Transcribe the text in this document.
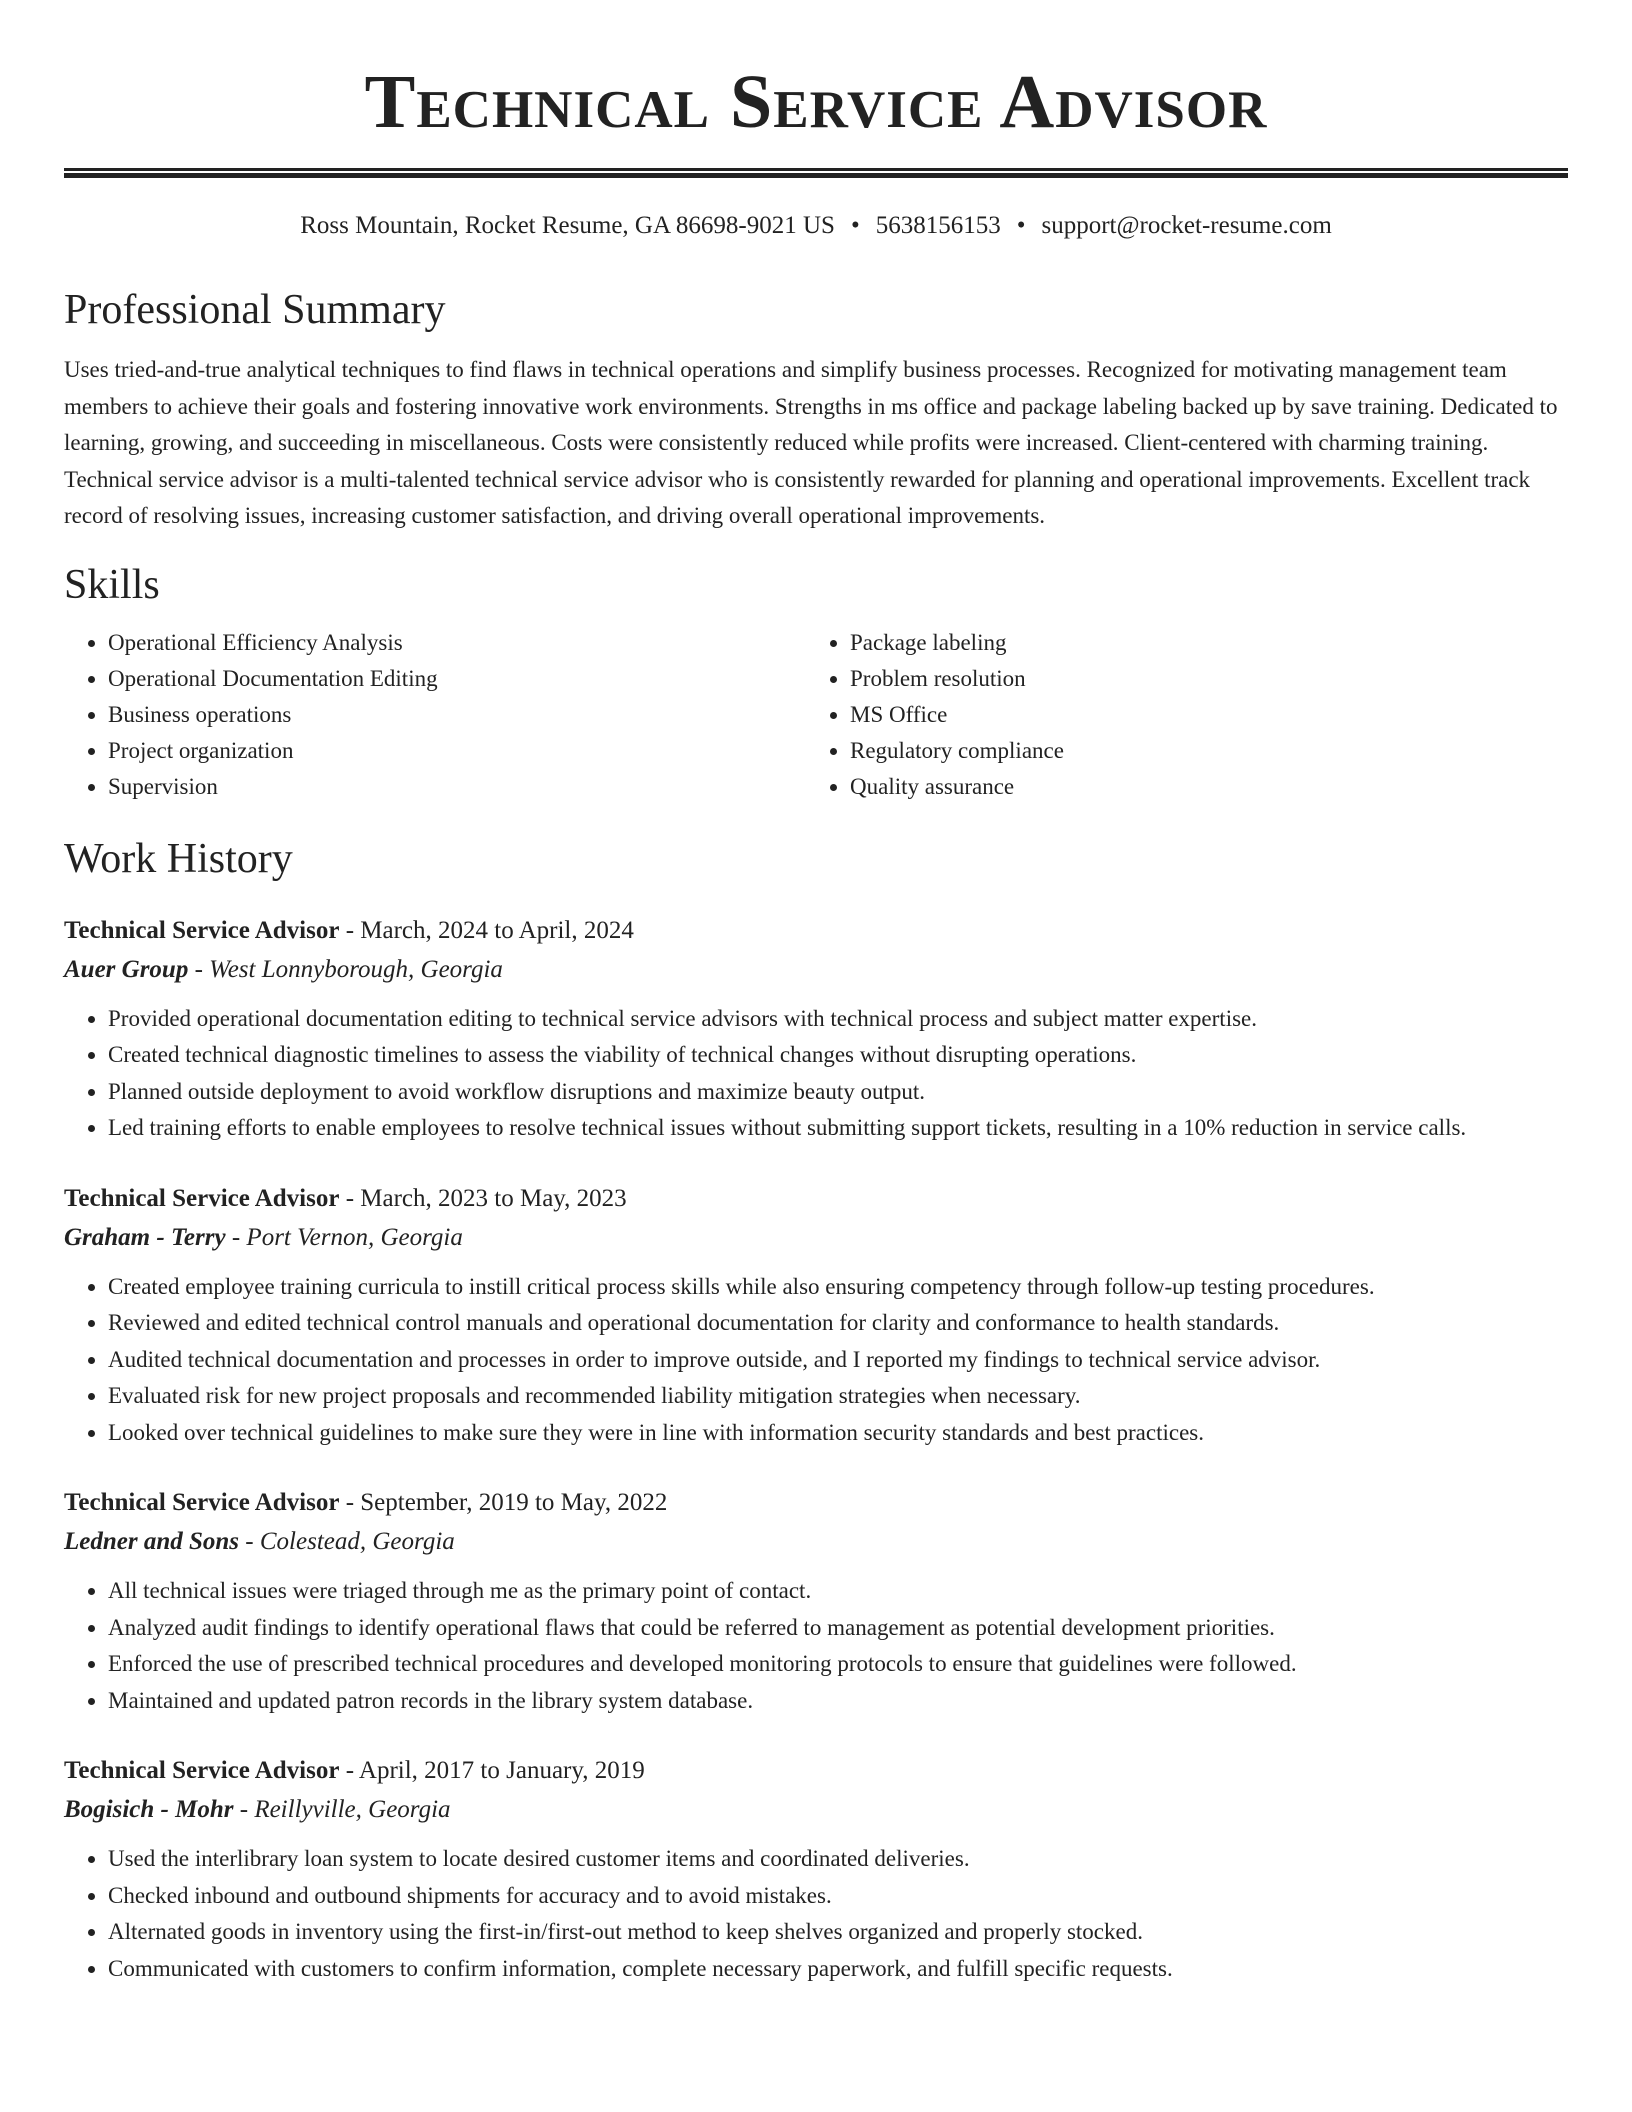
Technical Service Advisor
Ross Mountain, Rocket Resume, GA 86698-9021 US • 5638156153 • support@rocket-resume.com
Professional Summary

Uses tried-and-true analytical techniques to find flaws in technical operations and simplify business processes. Recognized for motivating management team members to achieve their goals and fostering innovative work environments. Strengths in ms office and package labeling backed up by save training. Dedicated to learning, growing, and succeeding in miscellaneous. Costs were consistently reduced while profits were increased. Client-centered with charming training. Technical service advisor is a multi-talented technical service advisor who is consistently rewarded for planning and operational improvements. Excellent track record of resolving issues, increasing customer satisfaction, and driving overall operational improvements.

Skills
• Operational Efficiency Analysis
• Operational Documentation Editing
• Business operations
• Project organization
• Supervision
• Package labeling
• Problem resolution
• MS Office
• Regulatory compliance
• Quality assurance
Work History
Technical Service Advisor - March, 2024 to April, 2024
Auer Group - West Lonnyborough, Georgia
• Provided operational documentation editing to technical service advisors with technical process and subject matter expertise.
• Created technical diagnostic timelines to assess the viability of technical changes without disrupting operations.
• Planned outside deployment to avoid workflow disruptions and maximize beauty output.
• Led training efforts to enable employees to resolve technical issues without submitting support tickets, resulting in a 10% reduction in service calls.
Technical Service Advisor - March, 2023 to May, 2023
Graham - Terry - Port Vernon, Georgia
• Created employee training curricula to instill critical process skills while also ensuring competency through follow-up testing procedures.
• Reviewed and edited technical control manuals and operational documentation for clarity and conformance to health standards.
• Audited technical documentation and processes in order to improve outside, and I reported my findings to technical service advisor.
• Evaluated risk for new project proposals and recommended liability mitigation strategies when necessary.
• Looked over technical guidelines to make sure they were in line with information security standards and best practices.
Technical Service Advisor - September, 2019 to May, 2022
Ledner and Sons - Colestead, Georgia
• All technical issues were triaged through me as the primary point of contact.
• Analyzed audit findings to identify operational flaws that could be referred to management as potential development priorities.
• Enforced the use of prescribed technical procedures and developed monitoring protocols to ensure that guidelines were followed.
• Maintained and updated patron records in the library system database.
Technical Service Advisor - April, 2017 to January, 2019
Bogisich - Mohr - Reillyville, Georgia
• Used the interlibrary loan system to locate desired customer items and coordinated deliveries.
• Checked inbound and outbound shipments for accuracy and to avoid mistakes.
• Alternated goods in inventory using the first-in/first-out method to keep shelves organized and properly stocked.
• Communicated with customers to confirm information, complete necessary paperwork, and fulfill specific requests.
